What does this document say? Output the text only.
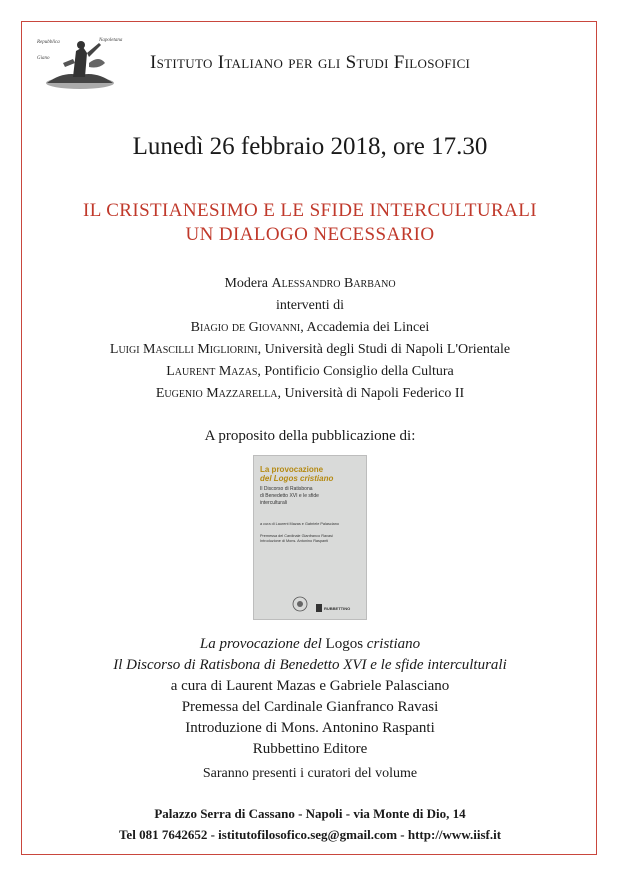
Repubblica	Napoletana
Giano	Istituto Italiano per gli Studi Filosofici
Lunedì 26 febbraio 2018, ore 17.30
IL CRISTIANESIMO E LE SFIDE INTERCULTURALI
UN DIALOGO NECESSARIO
Modera Alessandro Barbano
interventi di
Biagio de Giovanni, Accademia dei Lincei
Luigi Mascilli Migliorini, Università degli Studi di Napoli L'Orientale
Laurent Mazas, Pontificio Consiglio della Cultura
Eugenio Mazzarella, Università di Napoli Federico II
A proposito della pubblicazione di:
La provocazione
del Logos cristiano
Il Discorso di Ratisbona
di Benedetto XVI e le sfide
interculturali
a cura di Laurent Mazas e Gabriele Palasciano
Premessa del Cardinale Gianfranco Ravasi
Introduzione di Mons. Antonino Raspanti
RUBBETTINO
La provocazione del Logos cristiano
Il Discorso di Ratisbona di Benedetto XVI e le sfide interculturali
a cura di Laurent Mazas e Gabriele Palasciano
Premessa del Cardinale Gianfranco Ravasi
Introduzione di Mons. Antonino Raspanti
Rubbettino Editore
Saranno presenti i curatori del volume
Palazzo Serra di Cassano - Napoli - via Monte di Dio, 14
Tel 081 7642652 - istitutofilosofico.seg@gmail.com - http://www.iisf.it
